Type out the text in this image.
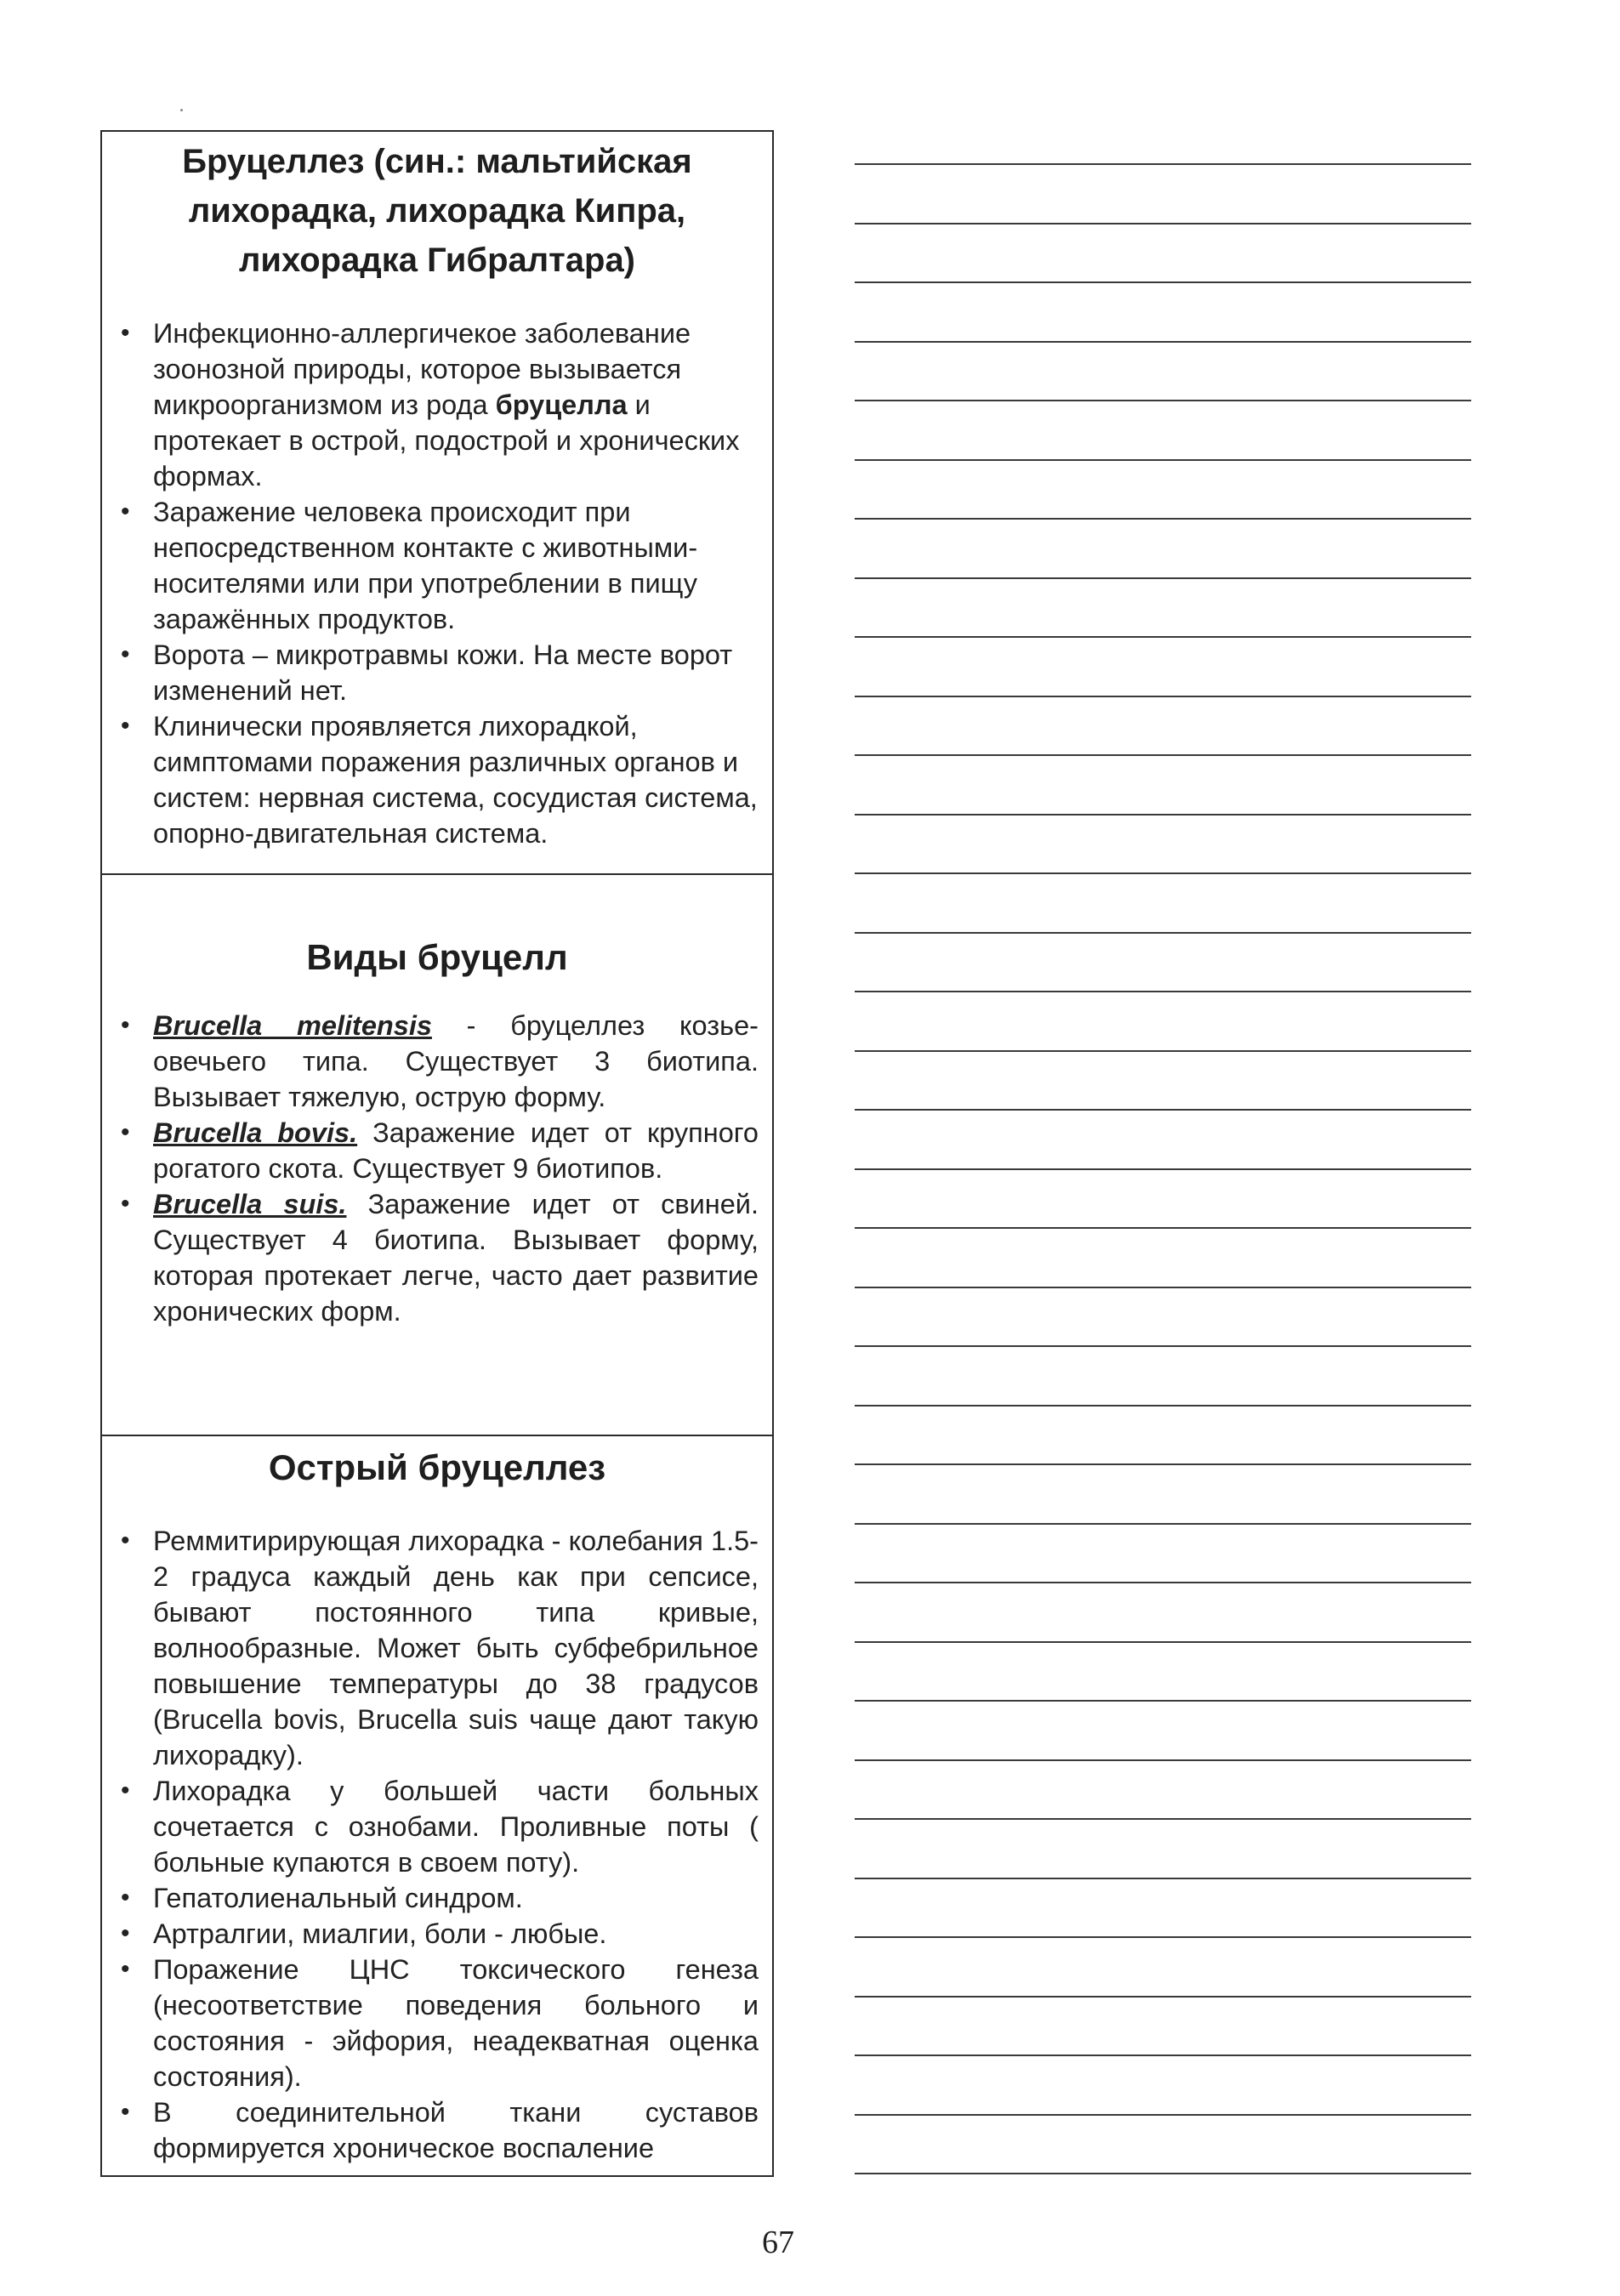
Бруцеллез (син.: мальтийская лихорадка, лихорадка Кипра, лихорадка Гибралтара)
• Инфекционно-аллергичекое заболевание зоонозной природы, которое вызывается микроорганизмом из рода бруцелла и протекает в острой, подострой и хронических формах.
• Заражение человека происходит при непосредственном контакте с животными-носителями или при употреблении в пищу заражённых продуктов.
• Ворота – микротравмы кожи. На месте ворот изменений нет.
• Клинически проявляется лихорадкой, симптомами поражения различных органов и систем: нервная система, сосудистая система, опорно-двигательная система.
Виды бруцелл
• Brucella melitensis - бруцеллез козье-овечьего типа. Существует 3 биотипа. Вызывает тяжелую, острую форму.
• Brucella bovis. Заражение идет от крупного рогатого скота. Существует 9 биотипов.
• Brucella suis. Заражение идет от свиней. Существует 4 биотипа. Вызывает форму, которая протекает легче, часто дает развитие хронических форм.
Острый бруцеллез
• Реммитирирующая лихорадка - колебания 1.5-2 градуса каждый день как при сепсисе, бывают постоянного типа кривые, волнообразные. Может быть субфебрильное повышение температуры до 38 градусов (Brucella bovis, Brucella suis чаще дают такую лихорадку).
• Лихорадка у большей части больных сочетается с ознобами. Проливные поты ( больные купаются в своем поту).
• Гепатолиенальный синдром.
• Артралгии, миалгии, боли - любые.
• Поражение ЦНС токсического генеза (несоответствие поведения больного и состояния - эйфория, неадекватная оценка состояния).
• В соединительной ткани суставов формируется хроническое воспаление
67
